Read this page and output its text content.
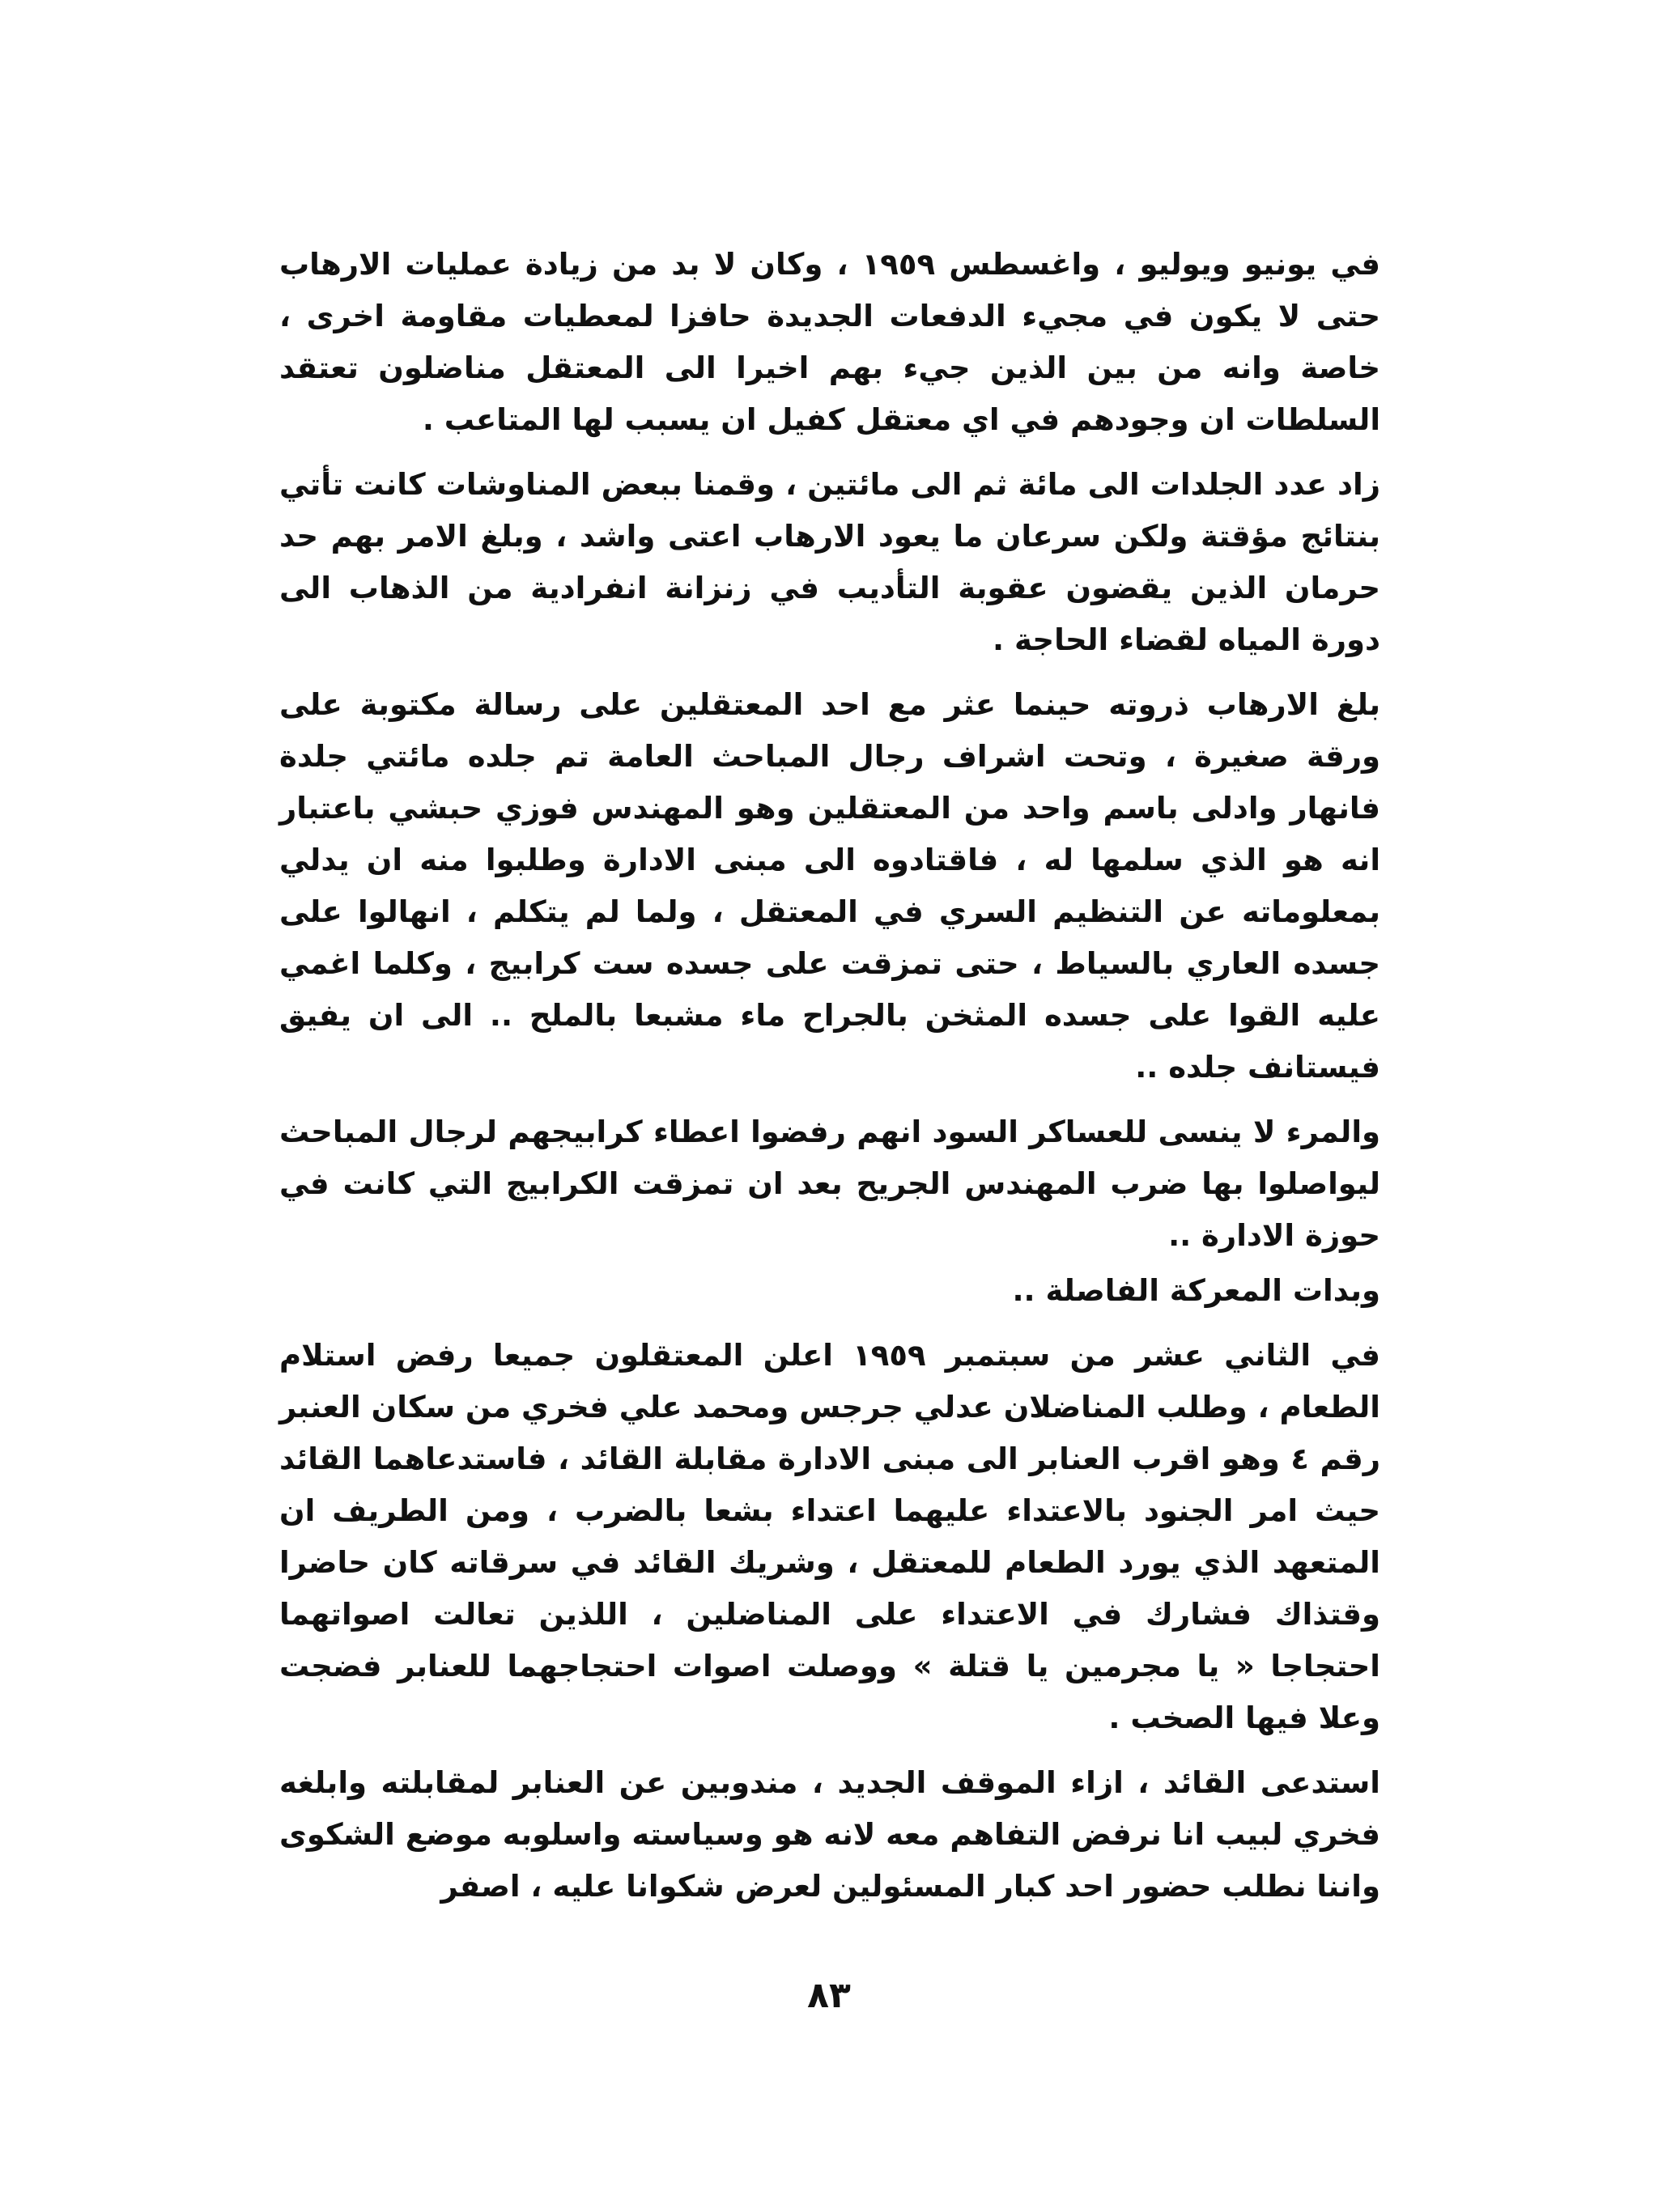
في يونيو ويوليو ، واغسطس ١٩٥٩ ، وكان لا بد من زيادة عمليات الارهاب حتى لا يكون في مجيء الدفعات الجديدة حافزا لمعطيات مقاومة اخرى ، خاصة وانه من بين الذين جيء بهم اخيرا الى المعتقل مناضلون تعتقد السلطات ان وجودهم في اي معتقل كفيل ان يسبب لها المتاعب .

زاد عدد الجلدات الى مائة ثم الى مائتين ، وقمنا ببعض المناوشات كانت تأتي بنتائج مؤقتة ولكن سرعان ما يعود الارهاب اعتى واشد ، وبلغ الامر بهم حد حرمان الذين يقضون عقوبة التأديب في زنزانة انفرادية من الذهاب الى دورة المياه لقضاء الحاجة .

بلغ الارهاب ذروته حينما عثر مع احد المعتقلين على رسالة مكتوبة على ورقة صغيرة ، وتحت اشراف رجال المباحث العامة تم جلده مائتي جلدة فانهار وادلى باسم واحد من المعتقلين وهو المهندس فوزي حبشي باعتبار انه هو الذي سلمها له ، فاقتادوه الى مبنى الادارة وطلبوا منه ان يدلي بمعلوماته عن التنظيم السري في المعتقل ، ولما لم يتكلم ، انهالوا على جسده العاري بالسياط ، حتى تمزقت على جسده ست كرابيج ، وكلما اغمي عليه القوا على جسده المثخن بالجراح ماء مشبعا بالملح .. الى ان يفيق فيستانف جلده ..

والمرء لا ينسى للعساكر السود انهم رفضوا اعطاء كرابيجهم لرجال المباحث ليواصلوا بها ضرب المهندس الجريح بعد ان تمزقت الكرابيج التي كانت في حوزة الادارة ..

وبدات المعركة الفاصلة ..

في الثاني عشر من سبتمبر ١٩٥٩ اعلن المعتقلون جميعا رفض استلام الطعام ، وطلب المناضلان عدلي جرجس ومحمد علي فخري من سكان العنبر رقم ٤ وهو اقرب العنابر الى مبنى الادارة مقابلة القائد ، فاستدعاهما القائد حيث امر الجنود بالاعتداء عليهما اعتداء بشعا بالضرب ، ومن الطريف ان المتعهد الذي يورد الطعام للمعتقل ، وشريك القائد في سرقاته كان حاضرا وقتذاك فشارك في الاعتداء على المناضلين ، اللذين تعالت اصواتهما احتجاجا « يا مجرمين يا قتلة » ووصلت اصوات احتجاجهما للعنابر فضجت وعلا فيها الصخب .

استدعى القائد ، ازاء الموقف الجديد ، مندوبين عن العنابر لمقابلته وابلغه فخري لبيب انا نرفض التفاهم معه لانه هو وسياسته واسلوبه موضع الشكوى واننا نطلب حضور احد كبار المسئولين لعرض شكوانا عليه ، اصفر

٨٣
